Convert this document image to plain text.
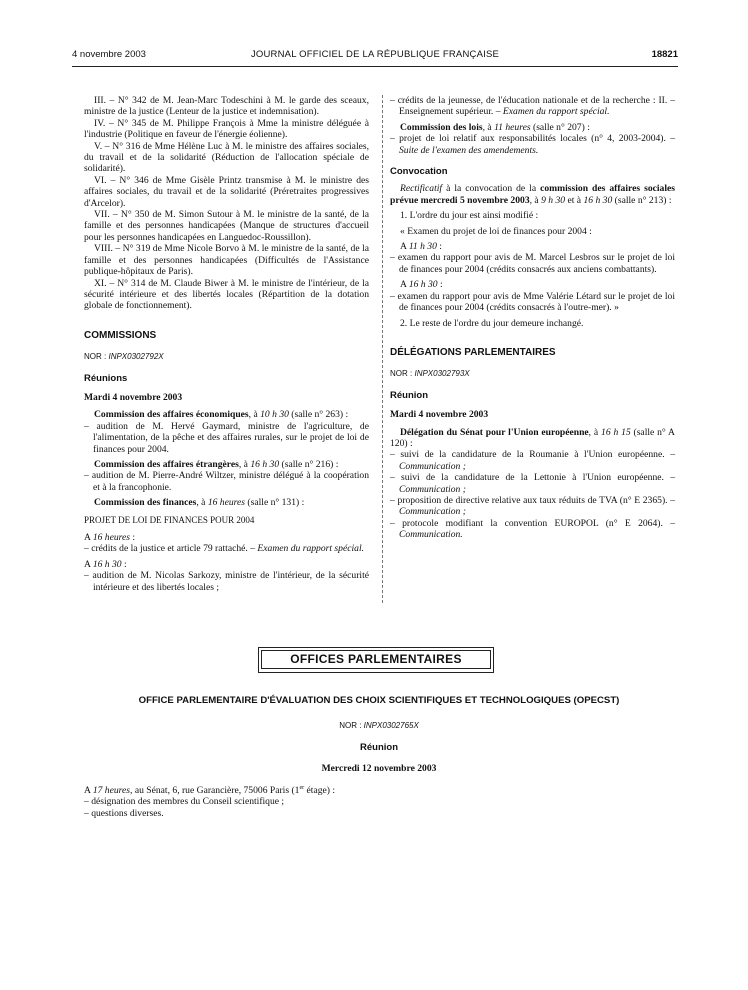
4 novembre 2003	JOURNAL OFFICIEL DE LA RÉPUBLIQUE FRANÇAISE	18821

III. – N° 342 de M. Jean-Marc Todeschini à M. le garde des sceaux, ministre de la justice (Lenteur de la justice et indemnisation).

IV. – N° 345 de M. Philippe François à Mme la ministre déléguée à l'industrie (Politique en faveur de l'énergie éolienne).

V. – N° 316 de Mme Hélène Luc à M. le ministre des affaires sociales, du travail et de la solidarité (Réduction de l'allocation spéciale de solidarité).

VI. – N° 346 de Mme Gisèle Printz transmise à M. le ministre des affaires sociales, du travail et de la solidarité (Préretraites progressives d'Arcelor).

VII. – N° 350 de M. Simon Sutour à M. le ministre de la santé, de la famille et des personnes handicapées (Manque de structures d'accueil pour les personnes handicapées en Languedoc-Roussillon).

VIII. – N° 319 de Mme Nicole Borvo à M. le ministre de la santé, de la famille et des personnes handicapées (Difficultés de l'Assistance publique-hôpitaux de Paris).

XI. – N° 314 de M. Claude Biwer à M. le ministre de l'intérieur, de la sécurité intérieure et des libertés locales (Répartition de la dotation globale de fonctionnement).

COMMISSIONS

NOR : INPX0302792X

Réunions

Mardi 4 novembre 2003

Commission des affaires économiques, à 10 h 30 (salle n° 263) :

– audition de M. Hervé Gaymard, ministre de l'agriculture, de l'alimentation, de la pêche et des affaires rurales, sur le projet de loi de finances pour 2004.

Commission des affaires étrangères, à 16 h 30 (salle n° 216) :

– audition de M. Pierre-André Wiltzer, ministre délégué à la coopération et à la francophonie.

Commission des finances, à 16 heures (salle n° 131) :

PROJET DE LOI DE FINANCES POUR 2004

A 16 heures :

– crédits de la justice et article 79 rattaché. – Examen du rapport spécial.

A 16 h 30 :

– audition de M. Nicolas Sarkozy, ministre de l'intérieur, de la sécurité intérieure et des libertés locales ;

– crédits de la jeunesse, de l'éducation nationale et de la recherche : II. – Enseignement supérieur. – Examen du rapport spécial.

Commission des lois, à 11 heures (salle n° 207) :

– projet de loi relatif aux responsabilités locales (n° 4, 2003-2004). – Suite de l'examen des amendements.

Convocation

Rectificatif à la convocation de la commission des affaires sociales prévue mercredi 5 novembre 2003, à 9 h 30 et à 16 h 30 (salle n° 213) :

1. L'ordre du jour est ainsi modifié :

« Examen du projet de loi de finances pour 2004 :

A 11 h 30 :

– examen du rapport pour avis de M. Marcel Lesbros sur le projet de loi de finances pour 2004 (crédits consacrés aux anciens combattants).

A 16 h 30 :

– examen du rapport pour avis de Mme Valérie Létard sur le projet de loi de finances pour 2004 (crédits consacrés à l'outre-mer). »

2. Le reste de l'ordre du jour demeure inchangé.

DÉLÉGATIONS PARLEMENTAIRES

NOR : INPX0302793X

Réunion

Mardi 4 novembre 2003

Délégation du Sénat pour l'Union européenne, à 16 h 15 (salle n° A 120) :

– suivi de la candidature de la Roumanie à l'Union européenne. – Communication ;

– suivi de la candidature de la Lettonie à l'Union européenne. – Communication ;

– proposition de directive relative aux taux réduits de TVA (n° E 2365). – Communication ;

– protocole modifiant la convention EUROPOL (n° E 2064). – Communication.

OFFICES PARLEMENTAIRES

OFFICE PARLEMENTAIRE D'ÉVALUATION DES CHOIX SCIENTIFIQUES ET TECHNOLOGIQUES (OPECST)

NOR : INPX0302765X

Réunion

Mercredi 12 novembre 2003

A 17 heures, au Sénat, 6, rue Garancière, 75006 Paris (1er étage) :

– désignation des membres du Conseil scientifique ;

– questions diverses.
